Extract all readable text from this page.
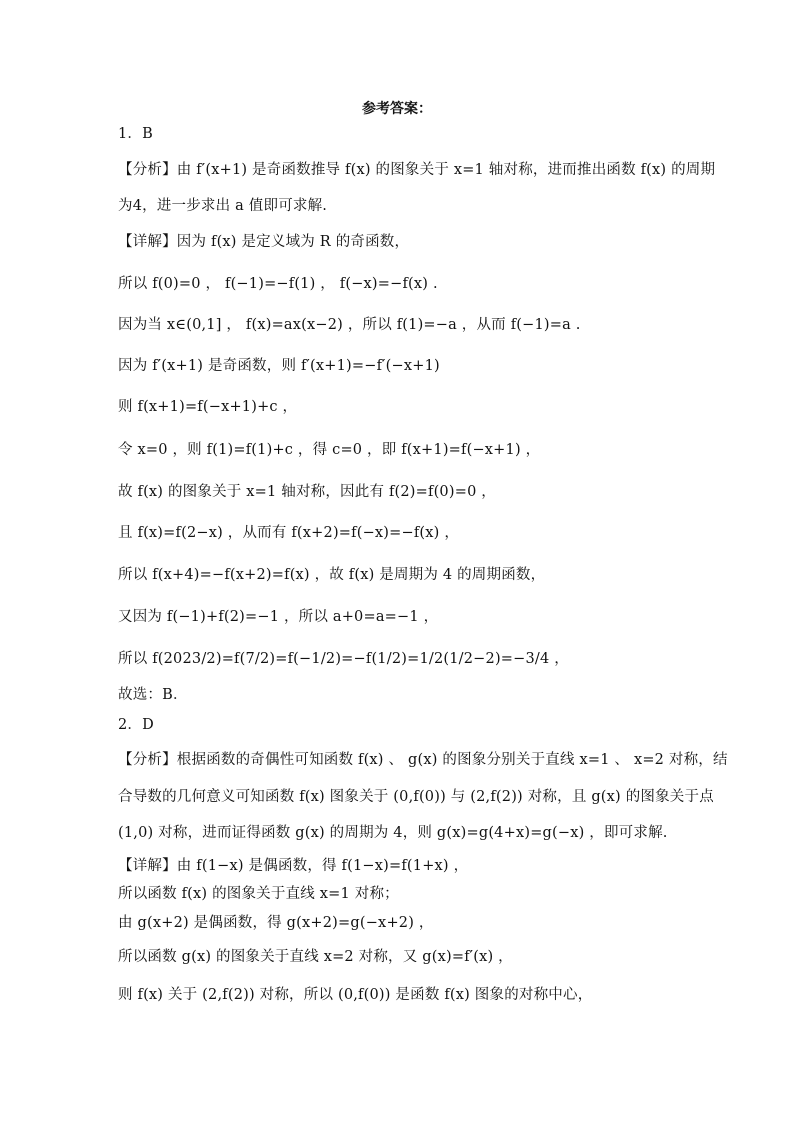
参考答案：
1．B
【分析】由 f′(x+1) 是奇函数推导 f(x) 的图象关于 x=1 轴对称，进而推出函数 f(x) 的周期
为4，进一步求出 a 值即可求解.
【详解】因为 f(x) 是定义域为 R 的奇函数，
所以 f(0)=0 ， f(−1)=−f(1) ， f(−x)=−f(x) .
因为当 x∈(0,1] ， f(x)=ax(x−2) ，所以 f(1)=−a ，从而 f(−1)=a .
因为 f′(x+1) 是奇函数，则 f′(x+1)=−f′(−x+1)
则 f(x+1)=f(−x+1)+c ，
令 x=0 ，则 f(1)=f(1)+c ，得 c=0 ，即 f(x+1)=f(−x+1) ，
故 f(x) 的图象关于 x=1 轴对称，因此有 f(2)=f(0)=0 ，
且 f(x)=f(2−x) ，从而有 f(x+2)=f(−x)=−f(x) ，
所以 f(x+4)=−f(x+2)=f(x) ，故 f(x) 是周期为 4 的周期函数，
又因为 f(−1)+f(2)=−1 ，所以 a+0=a=−1 ，
所以 f(2023/2)=f(7/2)=f(−1/2)=−f(1/2)=1/2(1/2−2)=−3/4 ，
故选：B．
2．D
【分析】根据函数的奇偶性可知函数 f(x) 、 g(x) 的图象分别关于直线 x=1 、 x=2 对称，结
合导数的几何意义可知函数 f(x) 图象关于 (0,f(0)) 与 (2,f(2)) 对称，且 g(x) 的图象关于点
(1,0) 对称，进而证得函数 g(x) 的周期为 4，则 g(x)=g(4+x)=g(−x) ，即可求解.
【详解】由 f(1−x) 是偶函数，得 f(1−x)=f(1+x) ，
所以函数 f(x) 的图象关于直线 x=1 对称；
由 g(x+2) 是偶函数，得 g(x+2)=g(−x+2) ，
所以函数 g(x) 的图象关于直线 x=2 对称，又 g(x)=f′(x) ，
则 f(x) 关于 (2,f(2)) 对称，所以 (0,f(0)) 是函数 f(x) 图象的对称中心，
